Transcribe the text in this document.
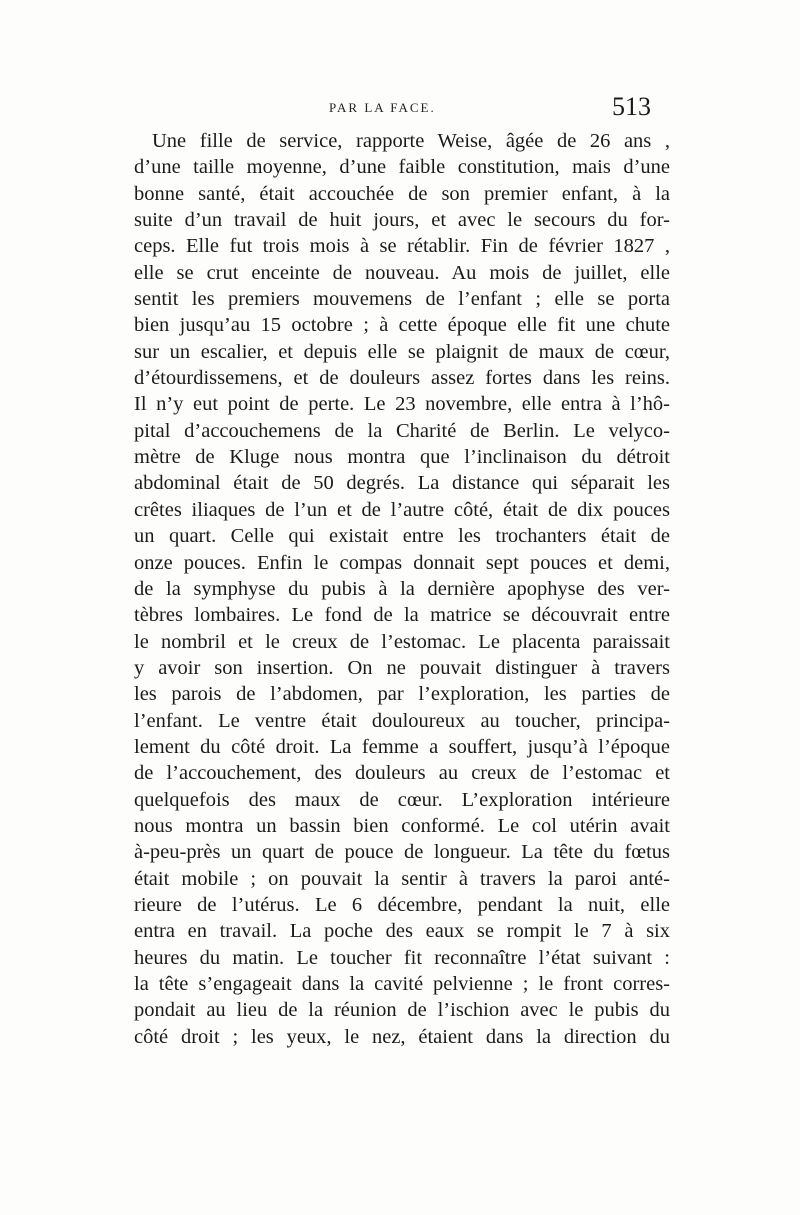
PAR LA FACE.	513
Une fille de service, rapporte Weise, âgée de 26 ans ,
d’une taille moyenne, d’une faible constitution, mais d’une
bonne santé, était accouchée de son premier enfant, à la
suite d’un travail de huit jours, et avec le secours du for-
ceps. Elle fut trois mois à se rétablir. Fin de février 1827 ,
elle se crut enceinte de nouveau. Au mois de juillet, elle
sentit les premiers mouvemens de l’enfant ; elle se porta
bien jusqu’au 15 octobre ; à cette époque elle fit une chute
sur un escalier, et depuis elle se plaignit de maux de cœur,
d’étourdissemens, et de douleurs assez fortes dans les reins.
Il n’y eut point de perte. Le 23 novembre, elle entra à l’hô-
pital d’accouchemens de la Charité de Berlin. Le velyco-
mètre de Kluge nous montra que l’inclinaison du détroit
abdominal était de 50 degrés. La distance qui séparait les
crêtes iliaques de l’un et de l’autre côté, était de dix pouces
un quart. Celle qui existait entre les trochanters était de
onze pouces. Enfin le compas donnait sept pouces et demi,
de la symphyse du pubis à la dernière apophyse des ver-
tèbres lombaires. Le fond de la matrice se découvrait entre
le nombril et le creux de l’estomac. Le placenta paraissait
y avoir son insertion. On ne pouvait distinguer à travers
les parois de l’abdomen, par l’exploration, les parties de
l’enfant. Le ventre était douloureux au toucher, principa-
lement du côté droit. La femme a souffert, jusqu’à l’époque
de l’accouchement, des douleurs au creux de l’estomac et
quelquefois des maux de cœur. L’exploration intérieure
nous montra un bassin bien conformé. Le col utérin avait
à-peu-près un quart de pouce de longueur. La tête du fœtus
était mobile ; on pouvait la sentir à travers la paroi anté-
rieure de l’utérus. Le 6 décembre, pendant la nuit, elle
entra en travail. La poche des eaux se rompit le 7 à six
heures du matin. Le toucher fit reconnaître l’état suivant :
la tête s’engageait dans la cavité pelvienne ; le front corres-
pondait au lieu de la réunion de l’ischion avec le pubis du
côté droit ; les yeux, le nez, étaient dans la direction du
